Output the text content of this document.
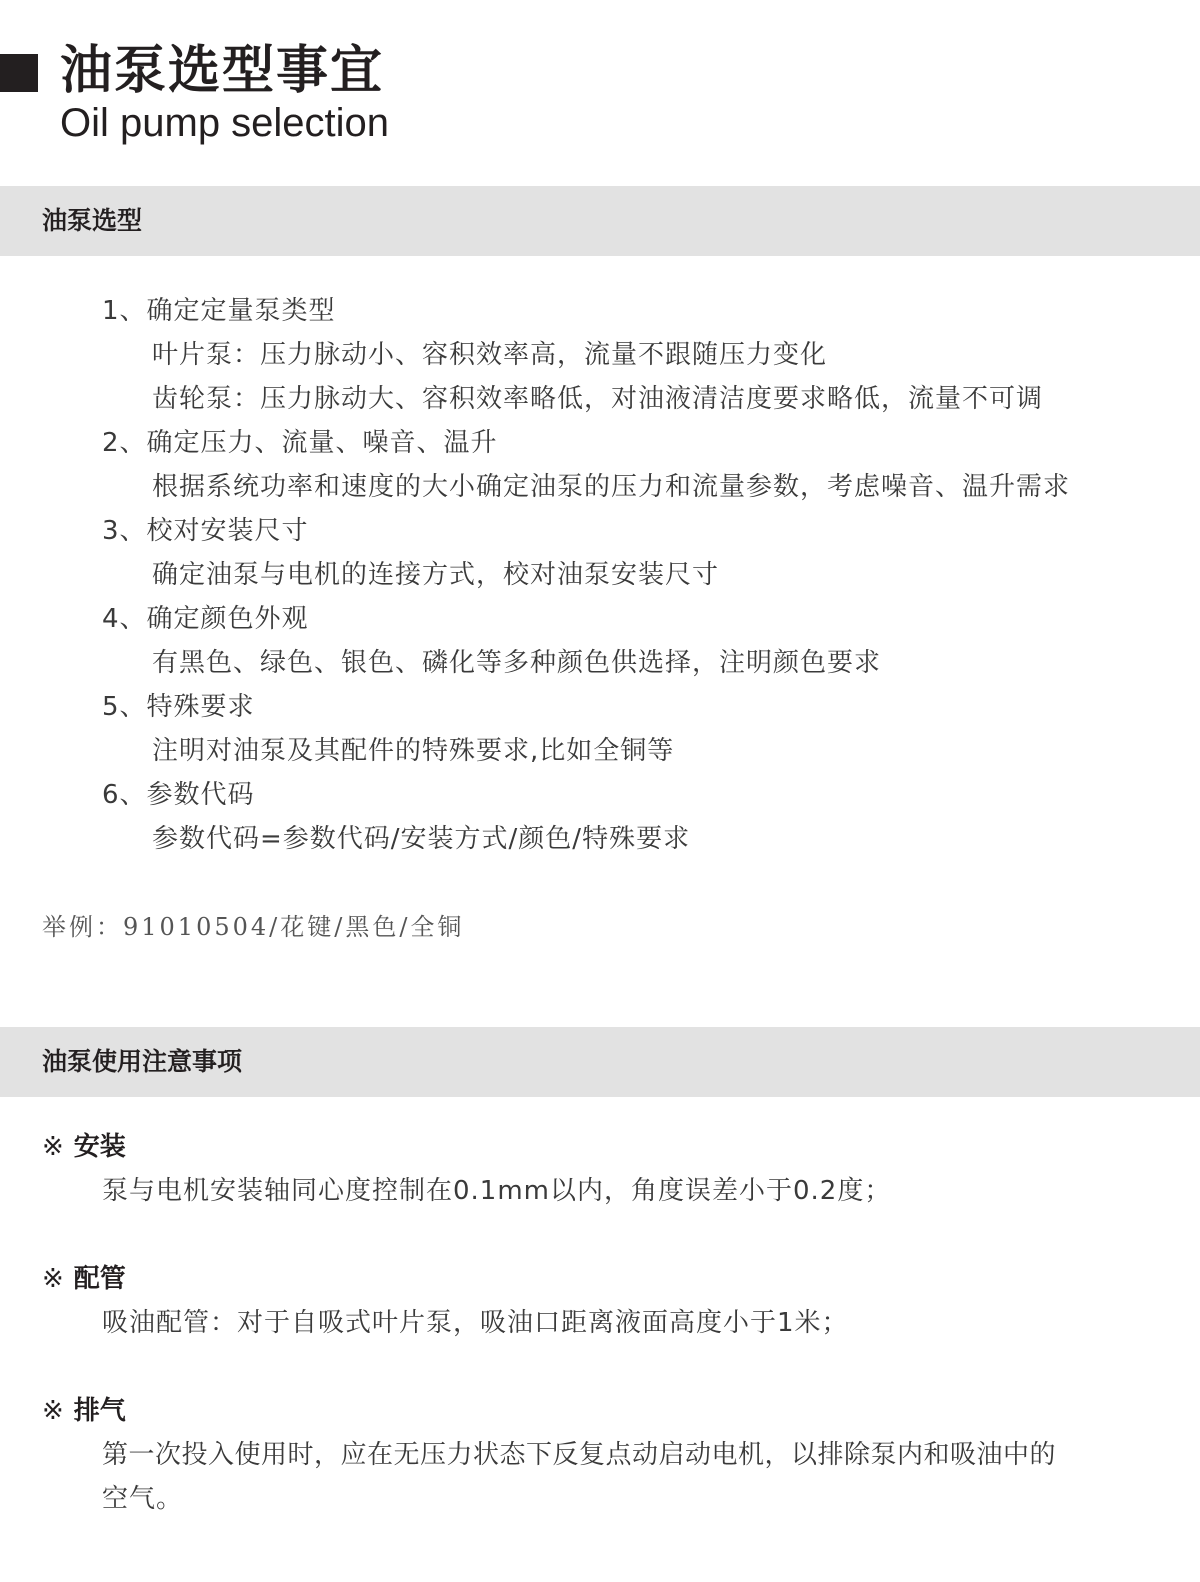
油泵选型事宜
Oil pump selection
油泵选型
1、确定定量泵类型
叶片泵：压力脉动小、容积效率高，流量不跟随压力变化
齿轮泵：压力脉动大、容积效率略低，对油液清洁度要求略低，流量不可调
2、确定压力、流量、噪音、温升
根据系统功率和速度的大小确定油泵的压力和流量参数，考虑噪音、温升需求
3、校对安装尺寸
确定油泵与电机的连接方式，校对油泵安装尺寸
4、确定颜色外观
有黑色、绿色、银色、磷化等多种颜色供选择，注明颜色要求
5、特殊要求
注明对油泵及其配件的特殊要求,比如全铜等
6、参数代码
参数代码=参数代码/安装方式/颜色/特殊要求
举例：91010504/花键/黑色/全铜
油泵使用注意事项
※ 安装
泵与电机安装轴同心度控制在0.1mm以内，角度误差小于0.2度；
※ 配管
吸油配管：对于自吸式叶片泵，吸油口距离液面高度小于1米；
※ 排气
第一次投入使用时，应在无压力状态下反复点动启动电机，以排除泵内和吸油中的
空气。
